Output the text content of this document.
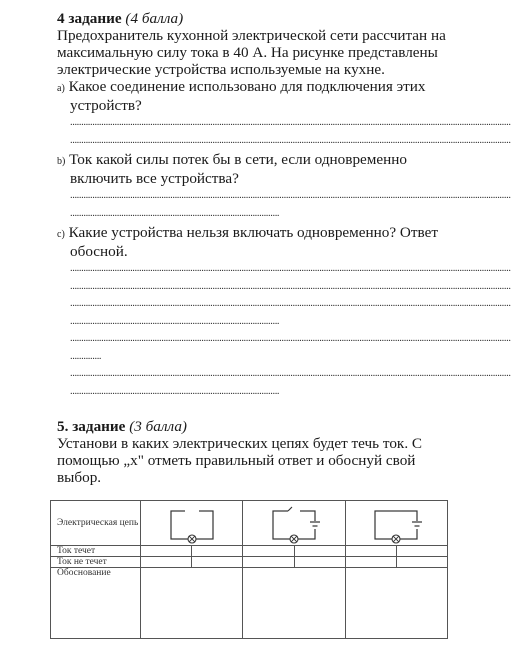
4 задание (4 балла)
Предохранитель кухонной электрической сети рассчитан на максимальную силу тока в 40 А. На рисунке представлены электрические устройства используемые на кухне.
a) Какое соединение использовано для подключения этих устройств?
......................................................................................................................................................................................................
......................................................................................................................................................................................................
b) Ток какой силы потек бы в сети, если одновременно включить все устройства?
......................................................................................................................................................................................................
..............................................................................................
c) Какие устройства нельзя включать одновременно? Ответ обосной.
......................................................................................................................................................................................................
......................................................................................................................................................................................................
......................................................................................................................................................................................................
..............................................................................................
......................................................................................................................................................................................................
..............
......................................................................................................................................................................................................
..............................................................................................
5. задание (3 балла)
Установи в каких электрических цепях будет течь ток. С помощью „x" отметь правильный ответ и обоснуй свой выбор.
Электрическая цепь	

Ток течет	

Ток не течет	

Обоснование			
